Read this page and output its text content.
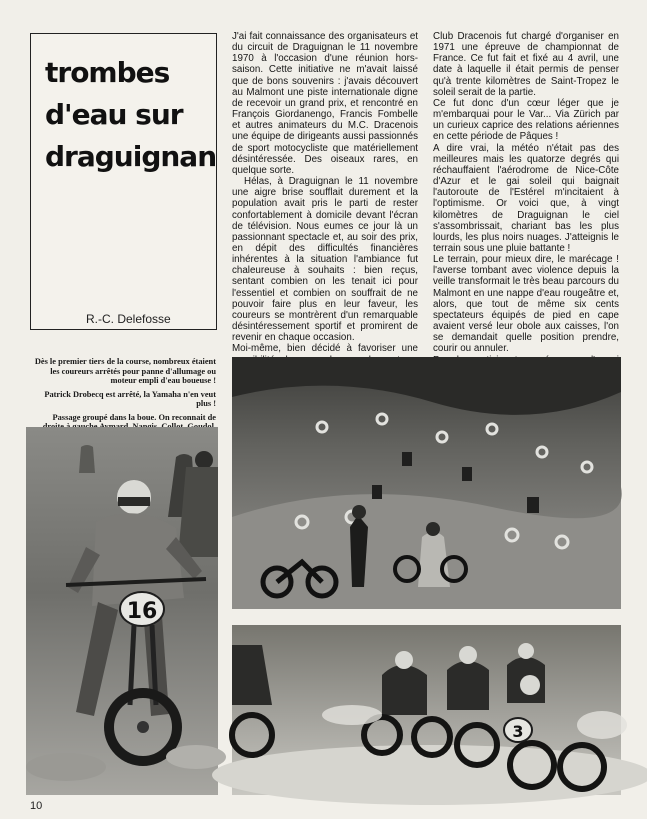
trombes d'eau sur draguignan

R.-C. Delefosse

J'ai fait connaissance des organisateurs et du circuit de Draguignan le 11 novembre 1970 à l'occasion d'une réunion hors-saison. Cette initiative ne m'avait laissé que de bons souvenirs : j'avais découvert au Malmont une piste internationale digne de recevoir un grand prix, et rencontré en François Giordanengo, Francis Fombelle et autres animateurs du M.C. Dracenois une équipe de dirigeants aussi passionnés de sport motocycliste que matériellement désintéressée. Des oiseaux rares, en quelque sorte.

Hélas, à Draguignan le 11 novembre une aigre brise soufflait durement et la population avait pris le parti de rester confortablement à domicile devant l'écran de télévision. Nous eumes ce jour là un passionnant spectacle et, au soir des prix, en dépit des difficultés financières inhérentes à la situation l'ambiance fut chaleureuse à souhaits : bien reçus, sentant combien on les tenait ici pour l'essentiel et combien on souffrait de ne pouvoir faire plus en leur faveur, les coureurs se montrèrent d'un remarquable désintéressement sportif et promirent de revenir en chaque occasion.

Moi-même, bien décidé à favoriser une

Club Dracenois fut chargé d'organiser en 1971 une épreuve de championnat de France. Ce fut fait et fixé au 4 avril, une date à laquelle il était permis de penser qu'à trente kilomètres de Saint-Tropez le soleil serait de la partie.

Ce fut donc d'un cœur léger que je m'embarquai pour le Var... Via Zürich par un curieux caprice des relations aériennes en cette période de Pâques !

A dire vrai, la météo n'était pas des meilleures mais les quatorze degrés qui réchauffaient l'aérodrome de Nice-Côte d'Azur et le gai soleil qui baignait l'autoroute de l'Estérel m'incitaient à l'optimisme. Or voici que, à vingt kilomètres de Draguignan le ciel s'assombrissait, chariant bas les plus lourds, les plus noirs nuages. J'atteignis le terrain sous une pluie battante !

Le terrain, pour mieux dire, le marécage ! l'averse tombant avec violence depuis la veille transformait le très beau parcours du Malmont en une nappe d'eau rougeâtre et, alors, que tout de même six cents spectateurs équipés de pied en cape avaient versé leur obole aux caisses, l'on se demandait quelle position prendre, courir ou annuler.

Dès le premier tiers de la course, nombreux étaient les coureurs arrêtés pour panne d'allumage ou moteur empli d'eau boueuse !

Patrick Drobecq est arrêté, la Yamaha n'en veut plus !

Passage groupé dans la boue. On reconnait de

16
3

10
